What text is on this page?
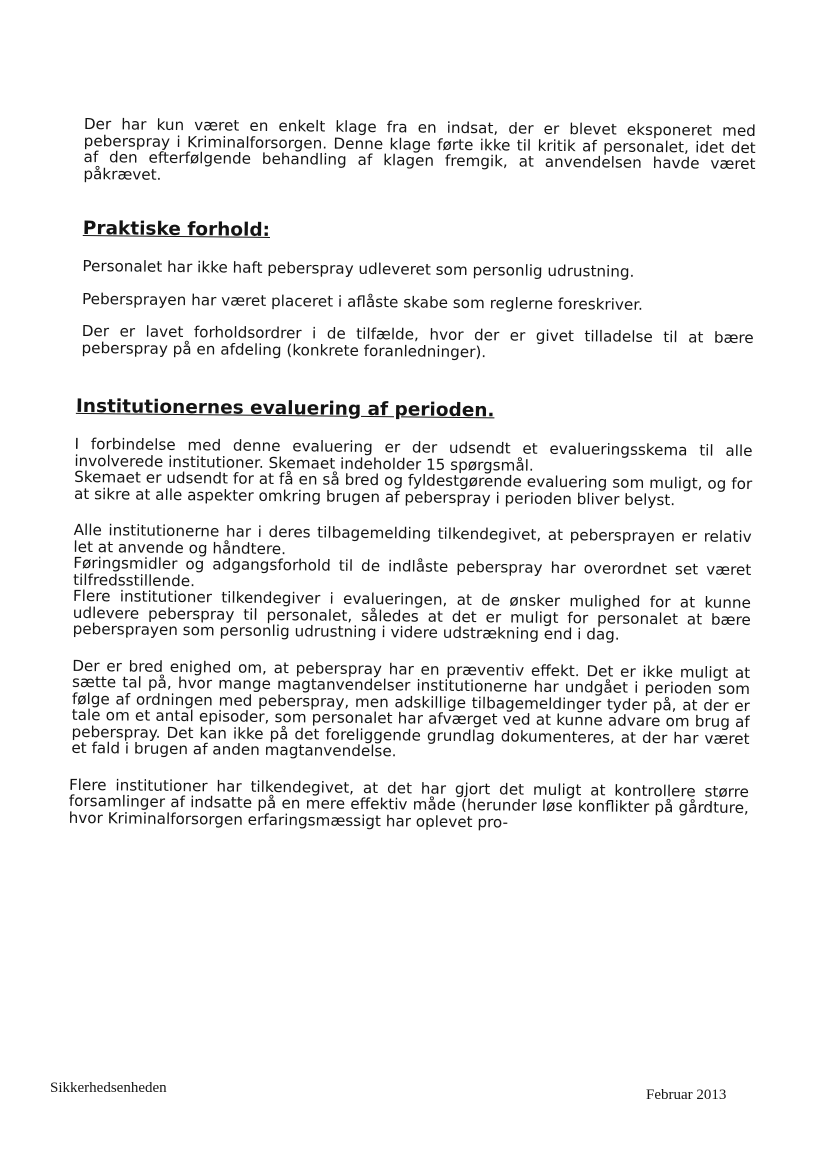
Der har kun været en enkelt klage fra en indsat, der er blevet eksponeret med peberspray i Kriminalforsorgen. Denne klage førte ikke til kritik af personalet, idet det af den efterfølgende behandling af klagen fremgik, at anvendelsen havde været påkrævet.

Praktiske forhold:

Personalet har ikke haft peberspray udleveret som personlig udrustning.

Pebersprayen har været placeret i aflåste skabe som reglerne foreskriver.

Der er lavet forholdsordrer i de tilfælde, hvor der er givet tilladelse til at bære peberspray på en afdeling (konkrete foranledninger).

Institutionernes evaluering af perioden.

I forbindelse med denne evaluering er der udsendt et evalueringsskema til alle involverede institutioner. Skemaet indeholder 15 spørgsmål.

Skemaet er udsendt for at få en så bred og fyldestgørende evaluering som muligt, og for at sikre at alle aspekter omkring brugen af peberspray i perioden bliver belyst.

Alle institutionerne har i deres tilbagemelding tilkendegivet, at pebersprayen er relativ let at anvende og håndtere.

Føringsmidler og adgangsforhold til de indlåste peberspray har overordnet set været tilfredsstillende.

Flere institutioner tilkendegiver i evalueringen, at de ønsker mulighed for at kunne udlevere peberspray til personalet, således at det er muligt for personalet at bære pebersprayen som personlig udrustning i videre udstrækning end i dag.

Der er bred enighed om, at peberspray har en præventiv effekt. Det er ikke muligt at sætte tal på, hvor mange magtanvendelser institutionerne har undgået i perioden som følge af ordningen med peberspray, men adskillige tilbagemeldinger tyder på, at der er tale om et antal episoder, som personalet har afværget ved at kunne advare om brug af peberspray. Det kan ikke på det foreliggende grundlag dokumenteres, at der har været et fald i brugen af anden magtanvendelse.

Flere institutioner har tilkendegivet, at det har gjort det muligt at kontrollere større forsamlinger af indsatte på en mere effektiv måde (herunder løse konflikter på gårdture, hvor Kriminalforsorgen erfaringsmæssigt har oplevet pro-

Sikkerhedsenheden	Februar 2013
